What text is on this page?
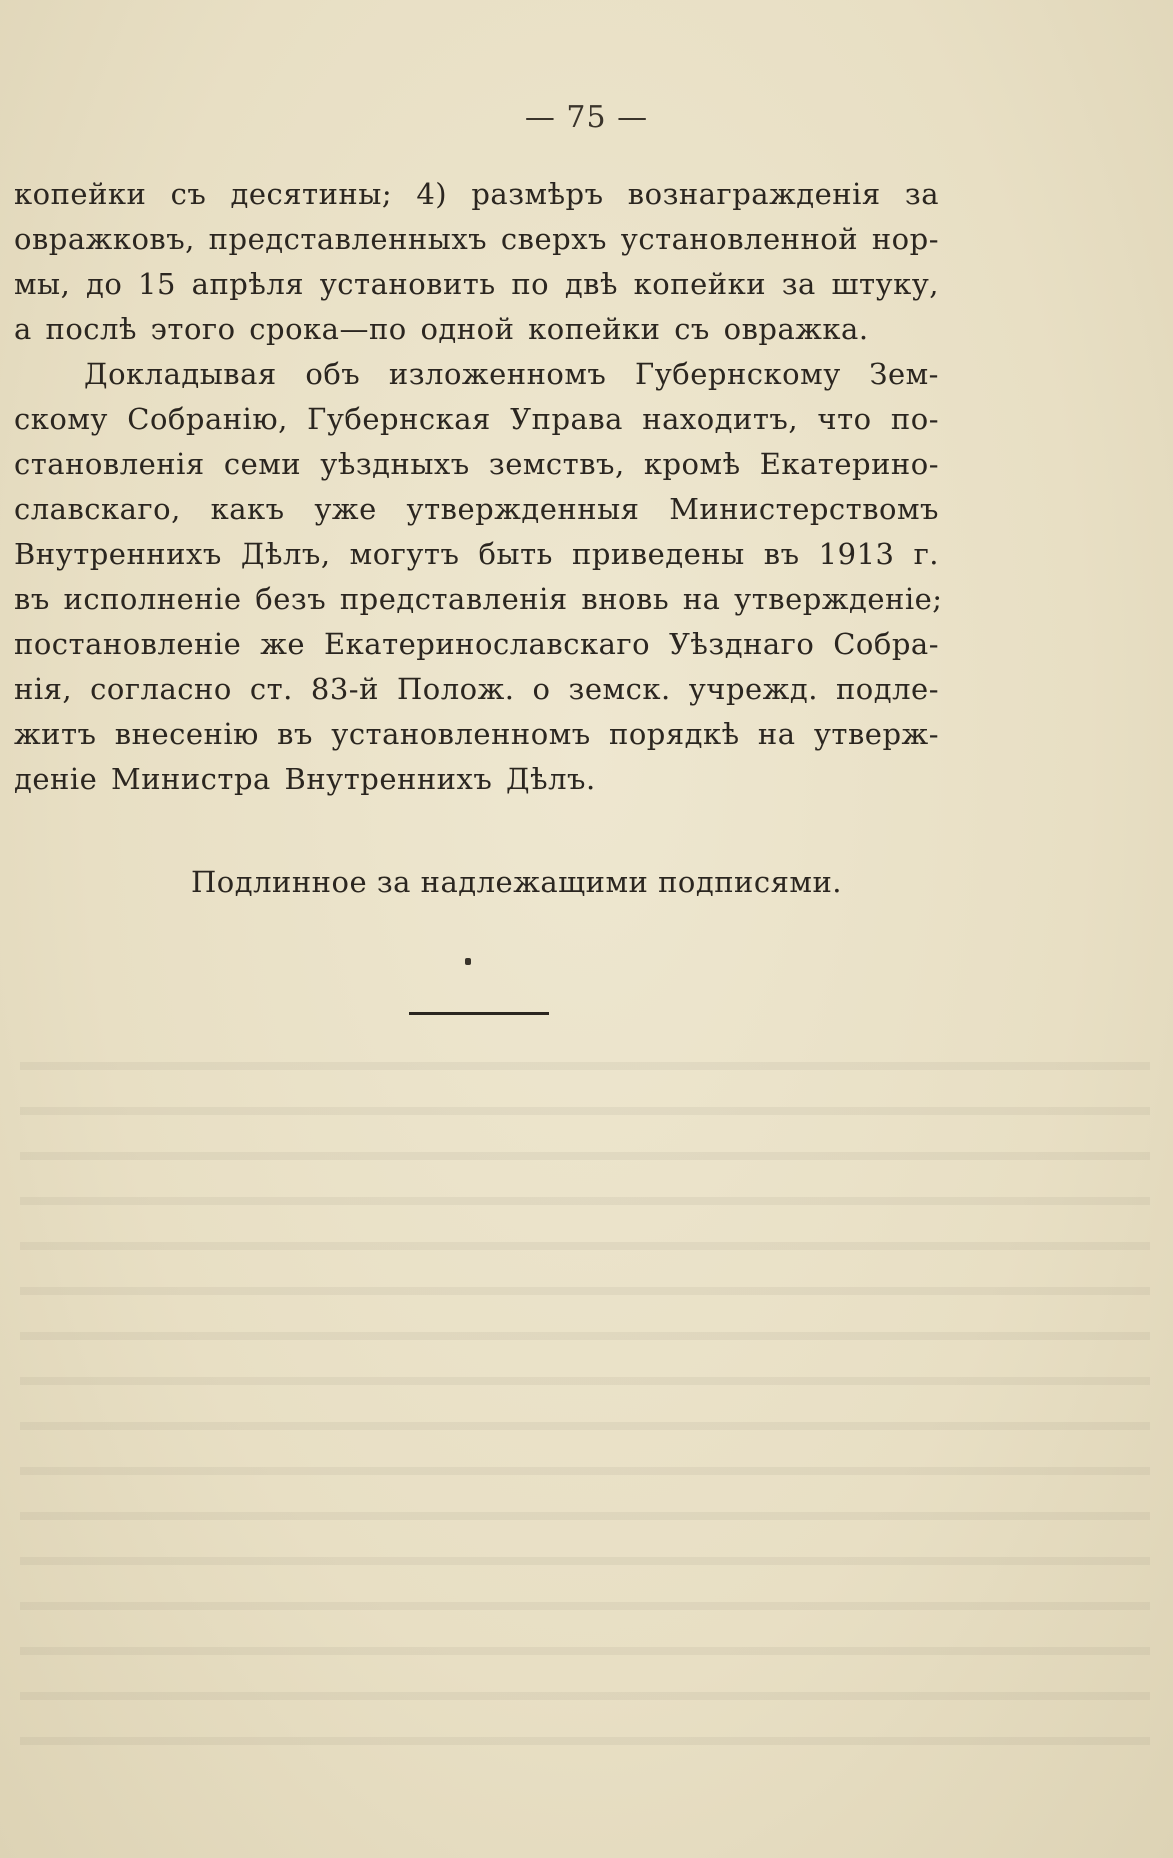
— 75 —
копейки съ десятины; 4) размѣръ вознагражденія за
овражковъ, представленныхъ сверхъ установленной нор-
мы, до 15 апрѣля установить по двѣ копейки за штуку,
а послѣ этого срока—по одной копейки съ овражка.
Докладывая объ изложенномъ Губернскому Зем-
скому Собранію, Губернская Управа находитъ, что по-
становленія семи уѣздныхъ земствъ, кромѣ Екатерино-
славскаго, какъ уже утвержденныя Министерствомъ
Внутреннихъ Дѣлъ, могутъ быть приведены въ 1913 г.
въ исполненіе безъ представленія вновь на утвержденіе;
постановленіе же Екатеринославскаго Уѣзднаго Собра-
нія, согласно ст. 83-й Полож. о земск. учрежд. подле-
житъ внесенію въ установленномъ порядкѣ на утверж-
деніе Министра Внутреннихъ Дѣлъ.
Подлинное за надлежащими подписями.
